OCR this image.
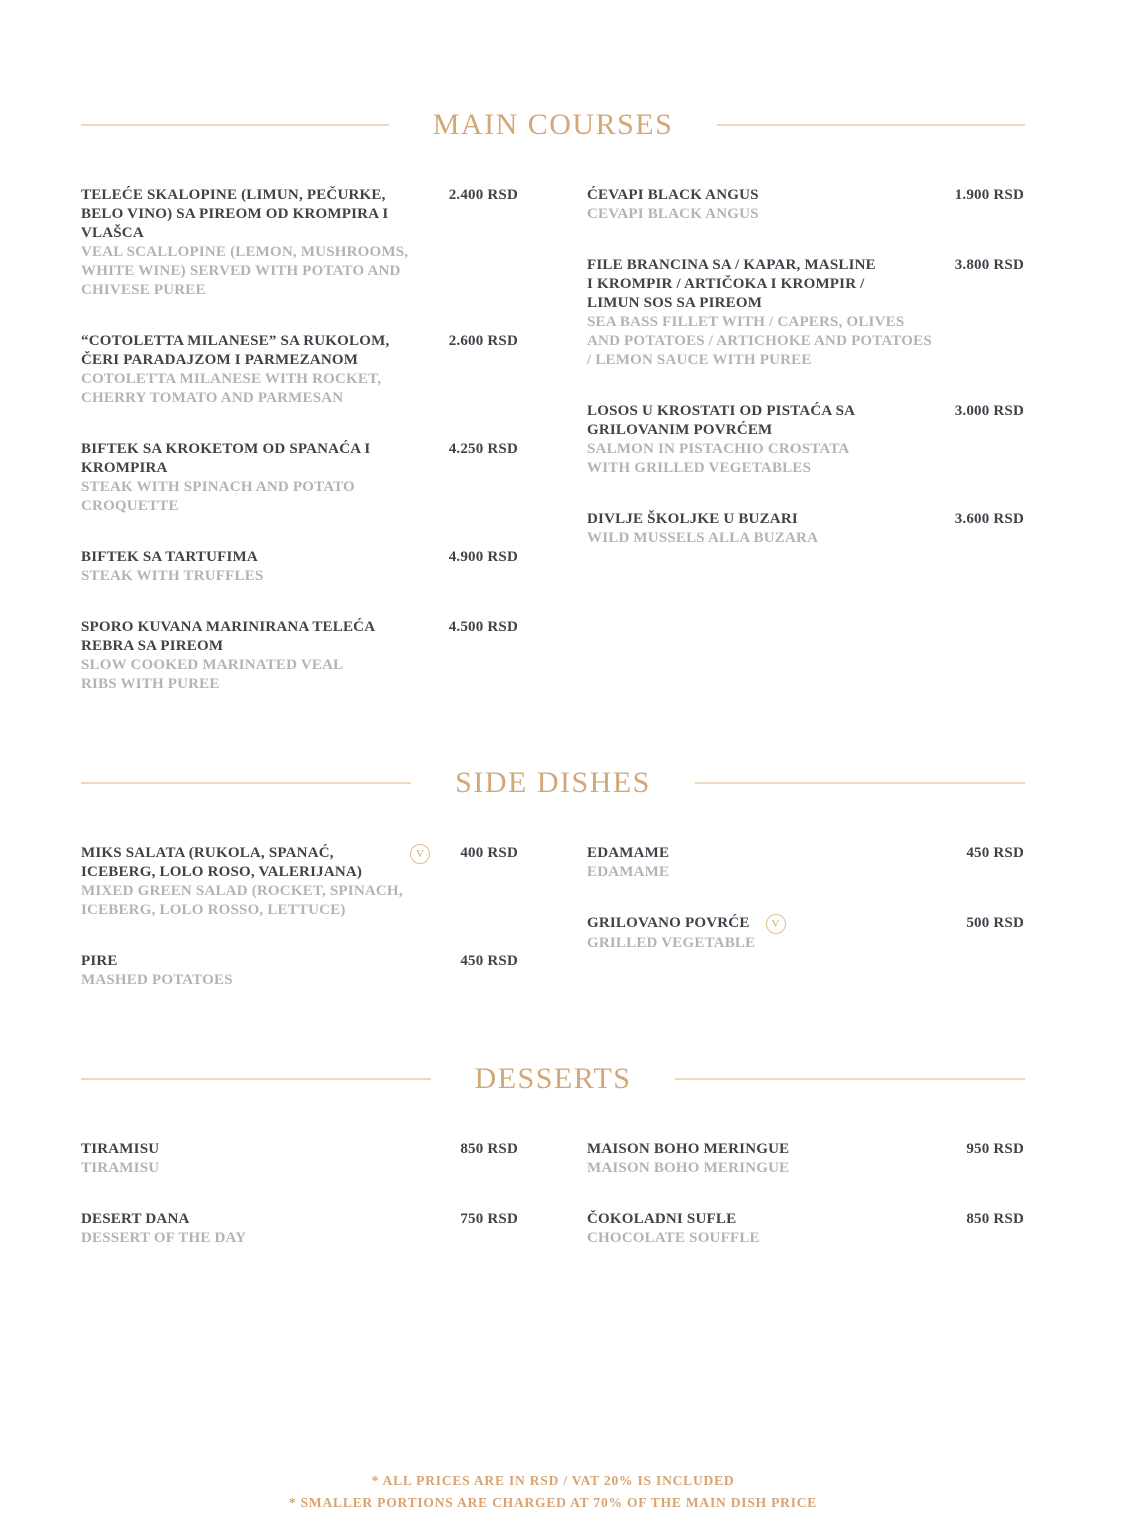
MAIN COURSES
TELEĆE SKALOPINE (LIMUN, PEČURKE, BELO VINO) SA PIREOM OD KROMPIRA I VLAŠCA
VEAL SCALLOPINE (LEMON, MUSHROOMS, WHITE WINE) SERVED WITH POTATO AND CHIVESE PUREE
2.400 RSD
“COTOLETTA MILANESE” SA RUKOLOM, ČERI PARADAJZOM I PARMEZANOM
COTOLETTA MILANESE WITH ROCKET, CHERRY TOMATO AND PARMESAN
2.600 RSD
BIFTEK SA KROKETOM OD SPANAĆA I KROMPIRA
STEAK WITH SPINACH AND POTATO CROQUETTE
4.250 RSD
BIFTEK SA TARTUFIMA
STEAK WITH TRUFFLES
4.900 RSD
SPORO KUVANA MARINIRANA TELEĆA REBRA SA PIREOM
SLOW COOKED MARINATED VEAL RIBS WITH PUREE
4.500 RSD
ĆEVAPI BLACK ANGUS
CEVAPI BLACK ANGUS
1.900 RSD
FILE BRANCINA SA / KAPAR, MASLINE I KROMPIR / ARTIČOKA I KROMPIR / LIMUN SOS SA PIREOM
SEA BASS FILLET WITH / CAPERS, OLIVES AND POTATOES / ARTICHOKE AND POTATOES / LEMON SAUCE WITH PUREE
3.800 RSD
LOSOS U KROSTATI OD PISTAĆA SA GRILOVANIM POVRĆEM
SALMON IN PISTACHIO CROSTATA WITH GRILLED VEGETABLES
3.000 RSD
DIVLJE ŠKOLJKE U BUZARI
WILD MUSSELS ALLA BUZARA
3.600 RSD
SIDE DISHES
MIKS SALATA (RUKOLA, SPANAĆ, ICEBERG, LOLO ROSO, VALERIJANA)
V
MIXED GREEN SALAD (ROCKET, SPINACH, ICEBERG, LOLO ROSSO, LETTUCE)
400 RSD
PIRE
MASHED POTATOES
450 RSD
EDAMAME
EDAMAME
450 RSD
GRILOVANO POVRĆE	V
GRILLED VEGETABLE
500 RSD
DESSERTS
TIRAMISU
TIRAMISU
850 RSD
DESERT DANA
DESSERT OF THE DAY
750 RSD
MAISON BOHO MERINGUE
MAISON BOHO MERINGUE
950 RSD
ČOKOLADNI SUFLE
CHOCOLATE SOUFFLE
850 RSD
* ALL PRICES ARE IN RSD / VAT 20% IS INCLUDED
* SMALLER PORTIONS ARE CHARGED AT 70% OF THE MAIN DISH PRICE
